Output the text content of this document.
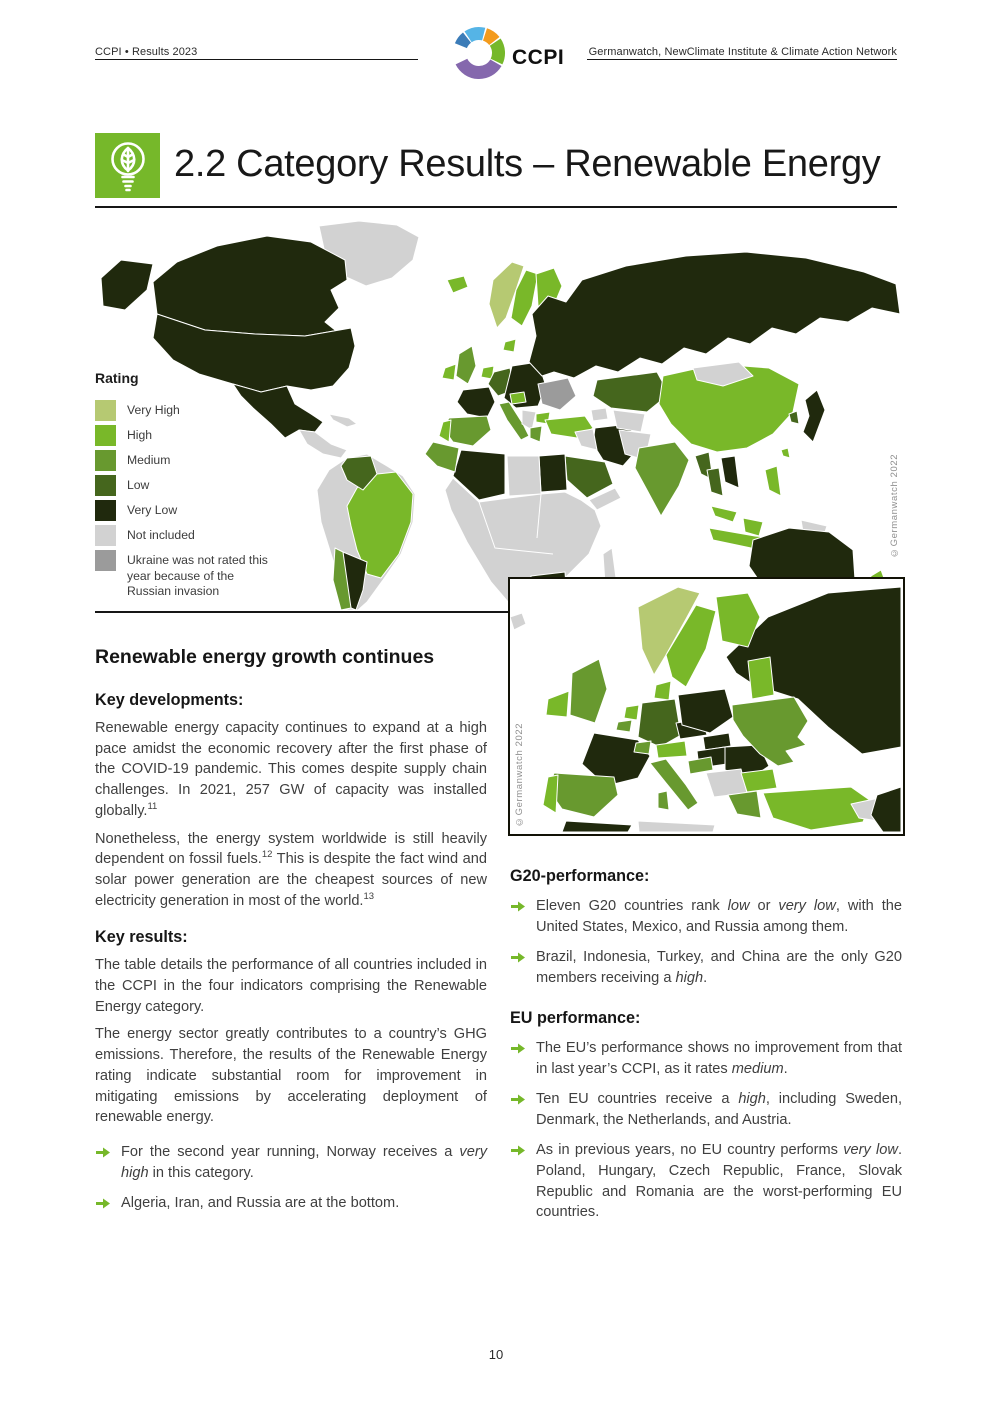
CCPI • Results 2023	Germanwatch, NewClimate Institute & Climate Action Network
CCPI
2.2 Category Results – Renewable Energy
Rating
Very High
High
Medium
Low
Very Low
Not included
Ukraine was not rated this year because of the Russian invasion
©Germanwatch 2022
©Germanwatch 2022
Renewable energy growth continues
Key developments:

Renewable energy capacity continues to expand at a high pace amidst the economic recovery after the first phase of the COVID-19 pandemic. This comes despite supply chain challenges. In 2021, 257 GW of capacity was installed globally.$^{11}$

Nonetheless, the energy system worldwide is still heavily dependent on fossil fuels.$^{12}$ This is despite the fact wind and solar power generation are the cheapest sources of new electricity generation in most of the world.$^{13}$

Key results:

The table details the performance of all countries included in the CCPI in the four indicators comprising the Renewable Energy category.

The energy sector greatly contributes to a country’s GHG emissions. Therefore, the results of the Renewable Energy rating indicate substantial room for improvement in mitigating emissions by accelerating deployment of renewable energy.

For the second year running, Norway receives a very high in this category.
Algeria, Iran, and Russia are at the bottom.
G20-performance:
Eleven G20 countries rank low or very low, with the United States, Mexico, and Russia among them.
Brazil, Indonesia, Turkey, and China are the only G20 members receiving a high.
EU performance:
The EU’s performance shows no improvement from that in last year’s CCPI, as it rates medium.
Ten EU countries receive a high, including Sweden, Denmark, the Netherlands, and Austria.
As in previous years, no EU country performs very low. Poland, Hungary, Czech Republic, France, Slovak Republic and Romania are the worst-performing EU countries.
10
